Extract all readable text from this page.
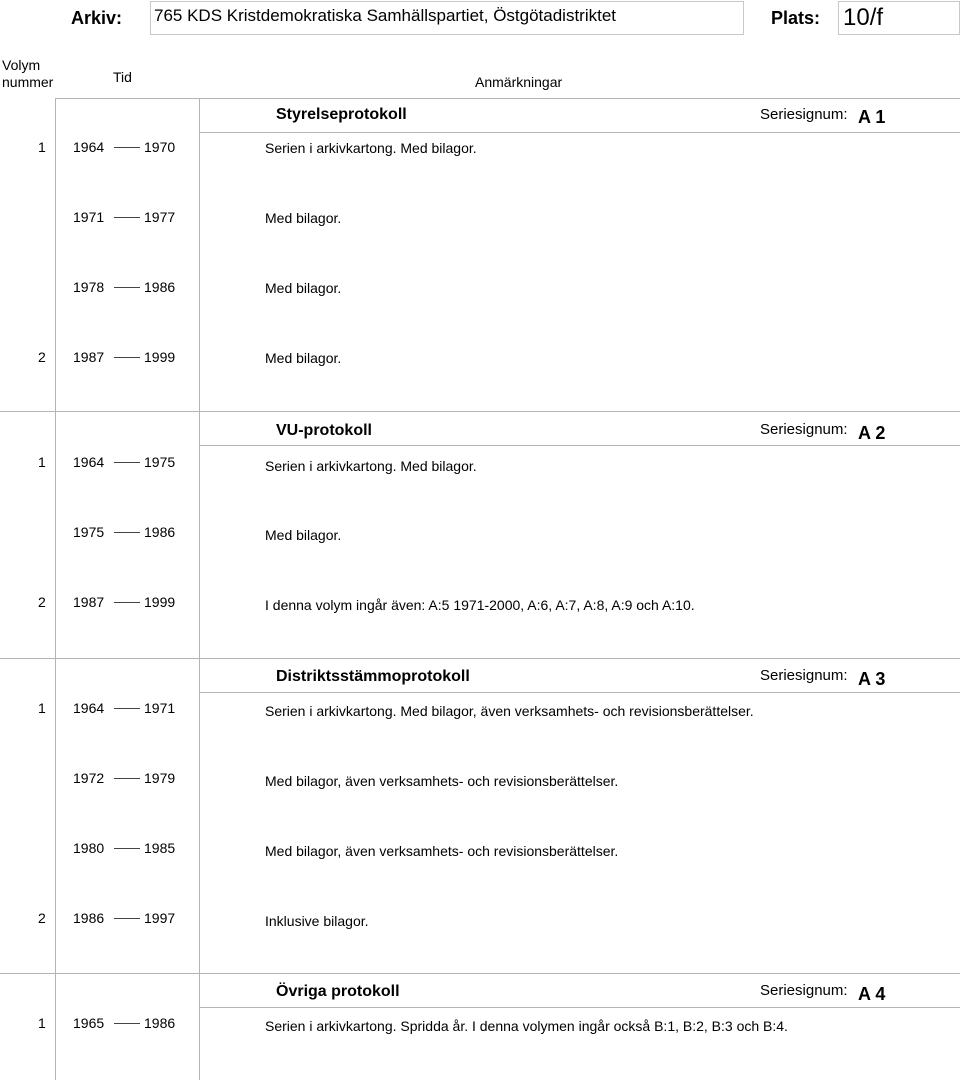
Arkiv: 765 KDS Kristdemokratiska Samhällspartiet, Östgötadistriktet	Plats: 10/f
Volym
nummer	Tid	Anmärkningar
Styrelseprotokoll	Seriesignum: A 1
1 1964	1970	Serien i arkivkartong. Med bilagor.
1971	1977	Med bilagor.
1978	1986	Med bilagor.
2 1987	1999	Med bilagor.
VU-protokoll	Seriesignum: A 2
1 1964	1975	Serien i arkivkartong. Med bilagor.
1975	1986	Med bilagor.
2 1987	1999	I denna volym ingår även: A:5 1971-2000, A:6, A:7, A:8, A:9 och A:10.
Distriktsstämmoprotokoll	Seriesignum: A 3
1 1964	1971	Serien i arkivkartong. Med bilagor, även verksamhets- och revisionsberättelser.
1972	1979	Med bilagor, även verksamhets- och revisionsberättelser.
1980	1985	Med bilagor, även verksamhets- och revisionsberättelser.
2 1986	1997	Inklusive bilagor.
Övriga protokoll	Seriesignum: A 4
1 1965	1986	Serien i arkivkartong. Spridda år. I denna volymen ingår också B:1, B:2, B:3 och B:4.
